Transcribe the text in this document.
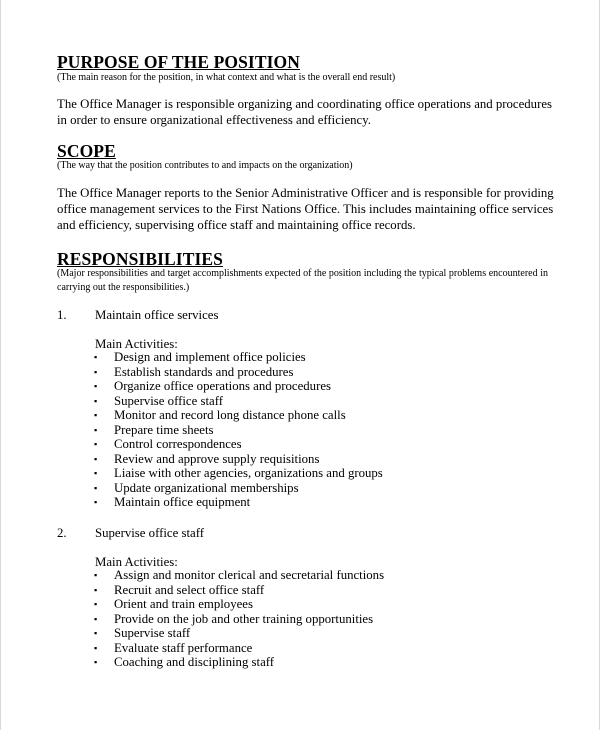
PURPOSE OF THE POSITION
(The main reason for the position, in what context and what is the overall end result)
The Office Manager is responsible organizing and coordinating office operations and procedures in order to ensure organizational effectiveness and efficiency.
SCOPE
(The way that the position contributes to and impacts on the organization)
The Office Manager reports to the Senior Administrative Officer and is responsible for providing office management services to the First Nations Office. This includes maintaining office services and efficiency, supervising office staff and maintaining office records.
RESPONSIBILITIES
(Major responsibilities and target accomplishments expected of the position including the typical problems encountered in carrying out the responsibilities.)
1. Maintain office services
Main Activities:
▪ Design and implement office policies
▪ Establish standards and procedures
▪ Organize office operations and procedures
▪ Supervise office staff
▪ Monitor and record long distance phone calls
▪ Prepare time sheets
▪ Control correspondences
▪ Review and approve supply requisitions
▪ Liaise with other agencies, organizations and groups
▪ Update organizational memberships
▪ Maintain office equipment
2. Supervise office staff
Main Activities:
▪ Assign and monitor clerical and secretarial functions
▪ Recruit and select office staff
▪ Orient and train employees
▪ Provide on the job and other training opportunities
▪ Supervise staff
▪ Evaluate staff performance
▪ Coaching and disciplining staff
